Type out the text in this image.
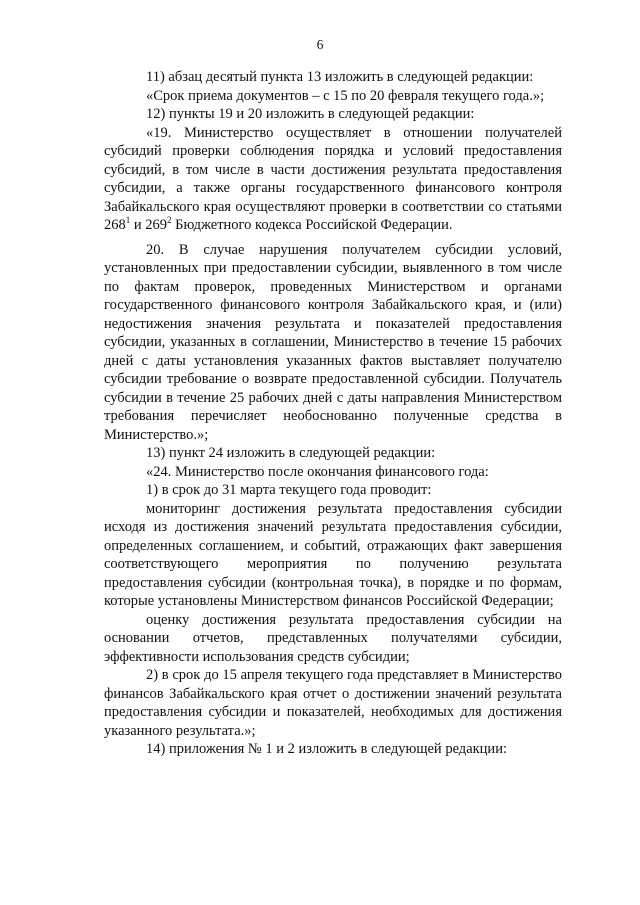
6

11) абзац десятый пункта 13 изложить в следующей редакции:

«Срок приема документов – с 15 по 20 февраля текущего года.»;

12) пункты 19 и 20 изложить в следующей редакции:

«19. Министерство осуществляет в отношении получателей субсидий проверки соблюдения порядка и условий предоставления субсидий, в том числе в части достижения результата предоставления субсидии, а также органы государственного финансового контроля Забайкальского края осуществляют проверки в соответствии со статьями $268^1$ и $269^2$ Бюджетного кодекса Российской Федерации.

20. В случае нарушения получателем субсидии условий, установленных при предоставлении субсидии, выявленного в том числе по фактам проверок, проведенных Министерством и органами государственного финансового контроля Забайкальского края, и (или) недостижения значения результата и показателей предоставления субсидии, указанных в соглашении, Министерство в течение 15 рабочих дней с даты установления указанных фактов выставляет получателю субсидии требование о возврате предоставленной субсидии. Получатель субсидии в течение 25 рабочих дней с даты направления Министерством требования перечисляет необоснованно полученные средства в Министерство.»;

13) пункт 24 изложить в следующей редакции:

«24. Министерство после окончания финансового года:

1) в срок до 31 марта текущего года проводит:

мониторинг достижения результата предоставления субсидии исходя из достижения значений результата предоставления субсидии, определенных соглашением, и событий, отражающих факт завершения соответствующего мероприятия по получению результата предоставления субсидии (контрольная точка), в порядке и по формам, которые установлены Министерством финансов Российской Федерации;

оценку достижения результата предоставления субсидии на основании отчетов, представленных получателями субсидии, эффективности использования средств субсидии;

2) в срок до 15 апреля текущего года представляет в Министерство финансов Забайкальского края отчет о достижении значений результата предоставления субсидии и показателей, необходимых для достижения указанного результата.»;

14) приложения № 1 и 2 изложить в следующей редакции:
